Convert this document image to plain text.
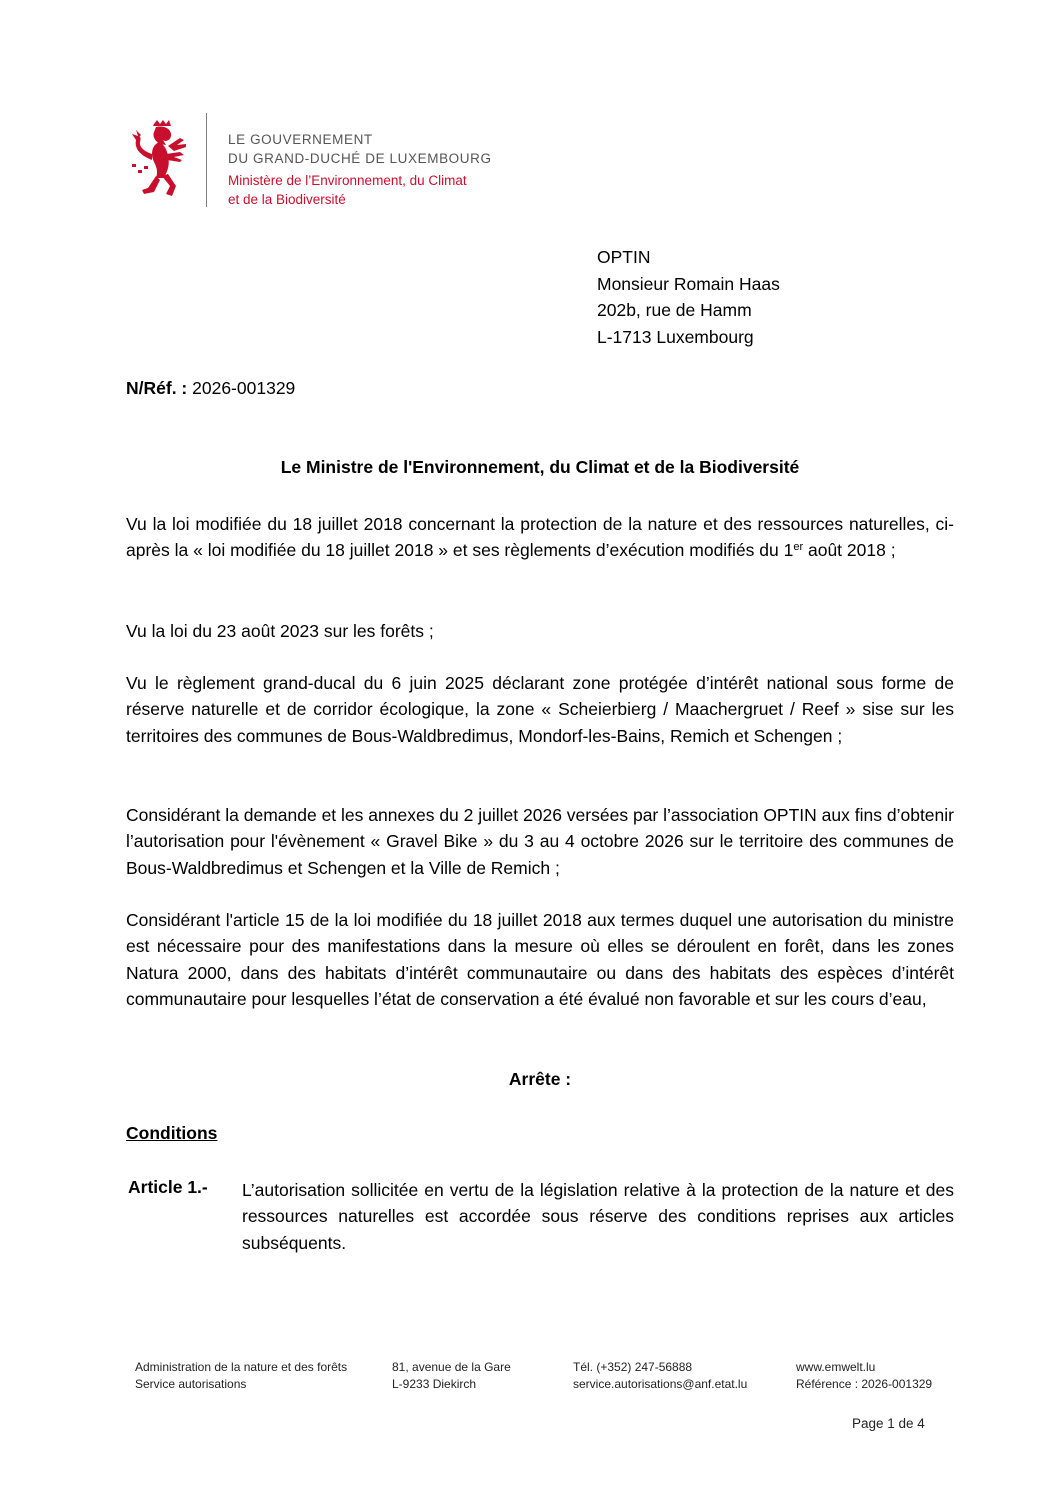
LE GOUVERNEMENT
DU GRAND-DUCHÉ DE LUXEMBOURG
Ministère de l’Environnement, du Climat
et de la Biodiversité
OPTIN
Monsieur Romain Haas
202b, rue de Hamm
L-1713 Luxembourg
N/Réf. : 2026-001329
Le Ministre de l'Environnement, du Climat et de la Biodiversité
Vu la loi modifiée du 18 juillet 2018 concernant la protection de la nature et des ressources naturelles, ci-après la « loi modifiée du 18 juillet 2018 » et ses règlements d’exécution modifiés du 1er août 2018 ;
Vu la loi du 23 août 2023 sur les forêts ;
Vu le règlement grand-ducal du 6 juin 2025 déclarant zone protégée d’intérêt national sous forme de réserve naturelle et de corridor écologique, la zone « Scheierbierg / Maachergruet / Reef » sise sur les territoires des communes de Bous-Waldbredimus, Mondorf-les-Bains, Remich et Schengen ;
Considérant la demande et les annexes du 2 juillet 2026 versées par l’association OPTIN aux fins d’obtenir l’autorisation pour l'évènement « Gravel Bike » du 3 au 4 octobre 2026 sur le territoire des communes de Bous-Waldbredimus et Schengen et la Ville de Remich ;
Considérant l'article 15 de la loi modifiée du 18 juillet 2018 aux termes duquel une autorisation du ministre est nécessaire pour des manifestations dans la mesure où elles se déroulent en forêt, dans les zones Natura 2000, dans des habitats d’intérêt communautaire ou dans des habitats des espèces d’intérêt communautaire pour lesquelles l’état de conservation a été évalué non favorable et sur les cours d’eau,
Arrête :
Conditions
Article 1.- L’autorisation sollicitée en vertu de la législation relative à la protection de la nature et des ressources naturelles est accordée sous réserve des conditions reprises aux articles subséquents.
Administration de la nature et des forêts
Service autorisations
81, avenue de la Gare
L-9233 Diekirch
Tél. (+352) 247-56888
service.autorisations@anf.etat.lu
www.emwelt.lu
Référence : 2026-001329
Page 1 de 4
